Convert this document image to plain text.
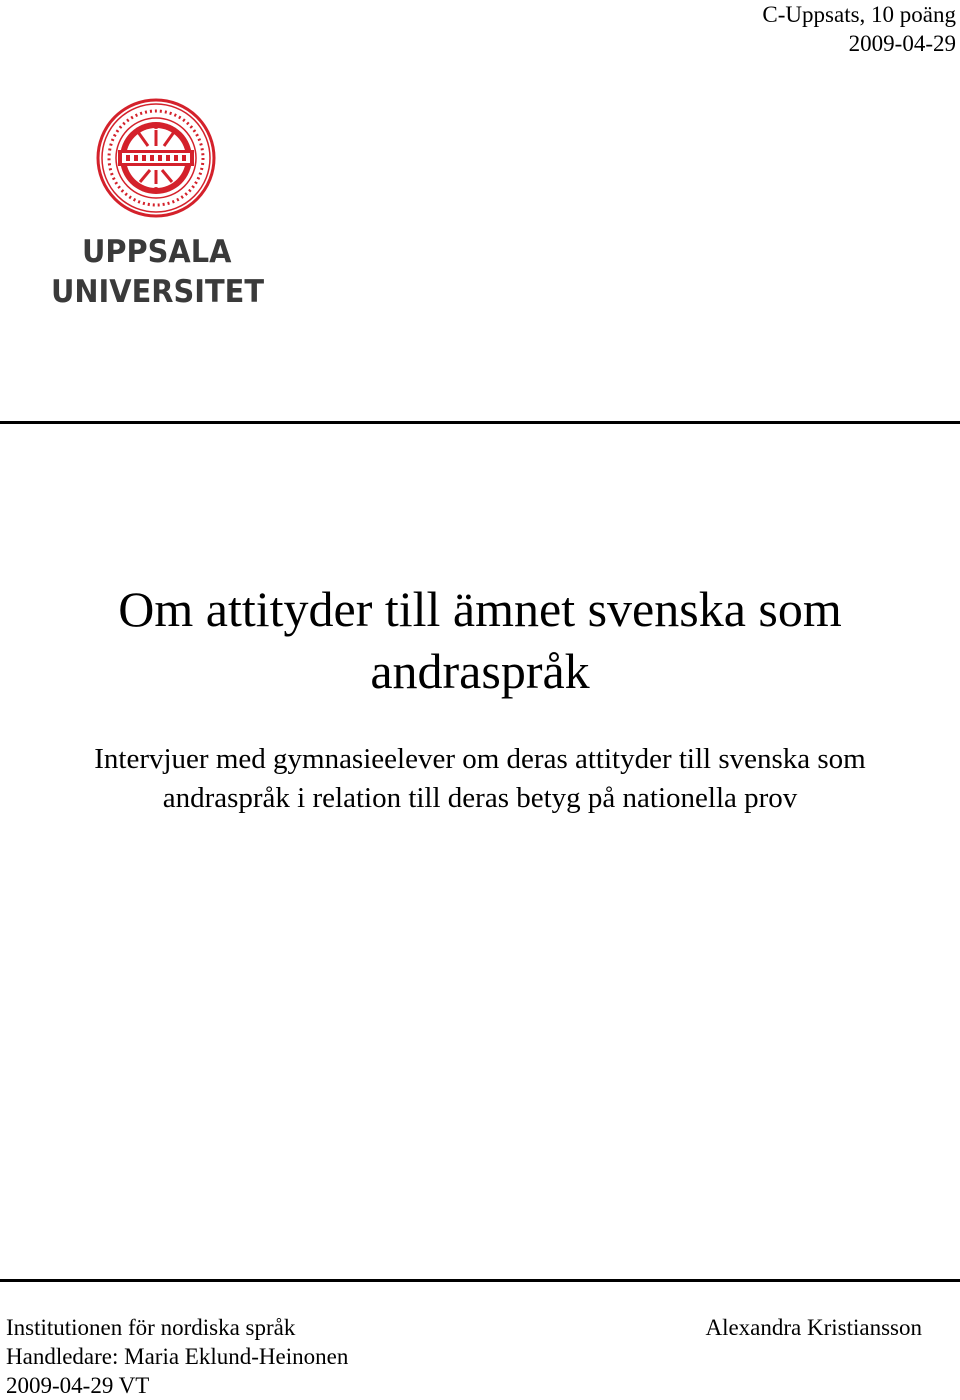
C-Uppsats, 10 poäng
2009-04-29
UPPSALA
UNIVERSITET
Om attityder till ämnet svenska som
andraspråk
Intervjuer med gymnasieelever om deras attityder till svenska som
andraspråk i relation till deras betyg på nationella prov
Institutionen för nordiska språk
Handledare: Maria Eklund-Heinonen
2009-04-29 VT
Alexandra Kristiansson
